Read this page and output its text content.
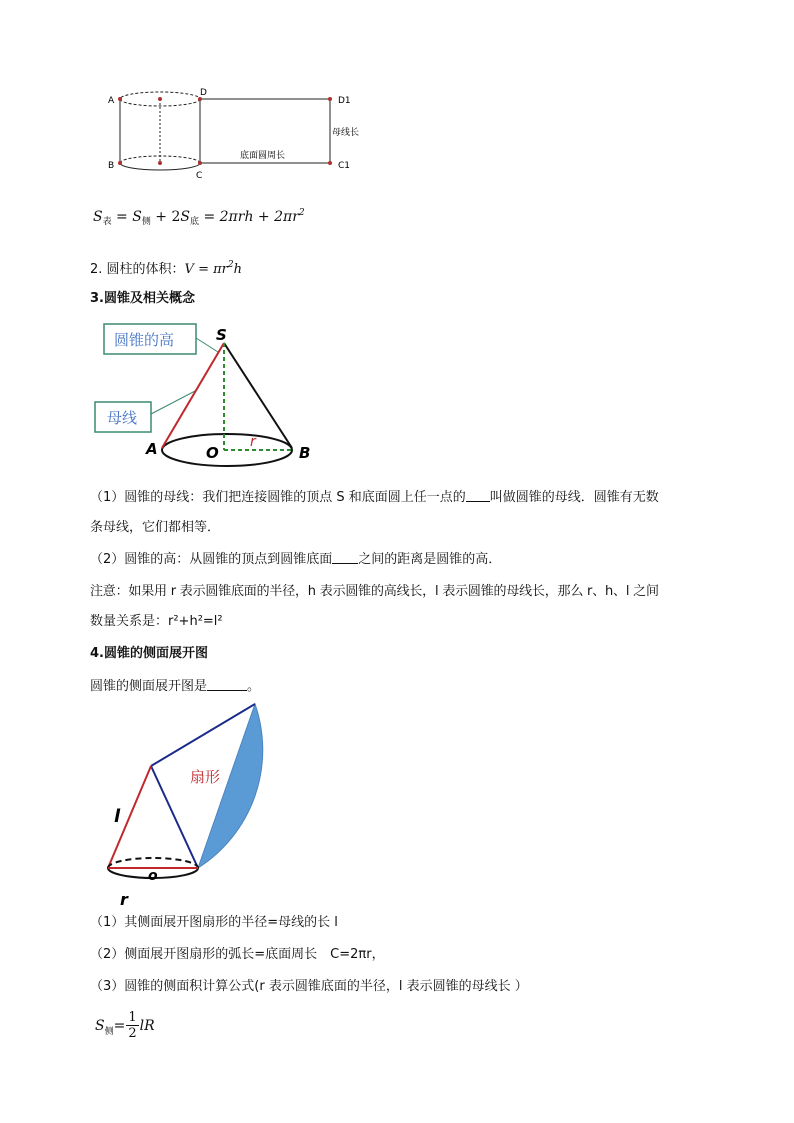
A
B
D
C
D1
C1
母线长
底面圆周长
$S_表 = S_侧 + 2S_底 = 2\pi rh + 2\pi r^2$
2. 圆柱的体积：$V = \pi r^2h$
3.圆锥及相关概念
圆锥的高
母线
S
A	O	B
r
（1）圆锥的母线：我们把连接圆锥的顶点 S 和底面圆上任一点的 叫做圆锥的母线．圆锥有无数
条母线，它们都相等．
（2）圆锥的高：从圆锥的顶点到圆锥底面 之间的距离是圆锥的高．
注意：如果用 r 表示圆锥底面的半径，h 表示圆锥的高线长，l 表示圆锥的母线长，那么 r、h、l 之间
数量关系是：r²+h²=l²
4.圆锥的侧面展开图
圆锥的侧面展开图是	。
扇形
l
o
r
（1）其侧面展开图扇形的半径=母线的长 l
（2）侧面展开图扇形的弧长=底面周长　C=2πr，
（3）圆锥的侧面积计算公式(r 表示圆锥底面的半径，l 表示圆锥的母线长 ）
S 侧 = $\frac{1}{2}$ lR
